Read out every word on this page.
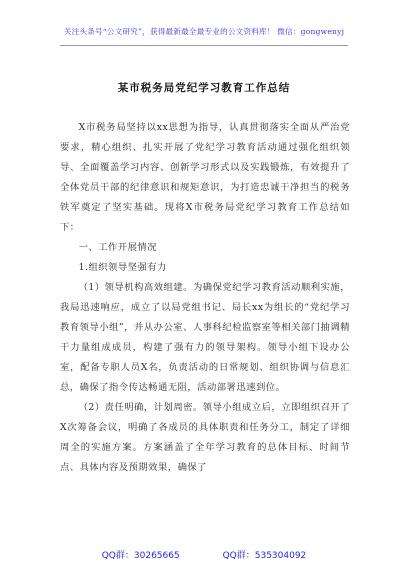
关注头条号“公文研究”，获得最新最全最专业的公文资料库！ 微信：gongwenyj
某市税务局党纪学习教育工作总结

X市税务局坚持以xx思想为指导，认真贯彻落实全面从严治党要求，精心组织、扎实开展了党纪学习教育活动通过强化组织领导、全面覆盖学习内容、创新学习形式以及实践锻炼，有效提升了全体党员干部的纪律意识和规矩意识，为打造忠诚干净担当的税务铁军奠定了坚实基础。现将X市税务局党纪学习教育工作总结如下：

一、工作开展情况

1.组织领导坚强有力

（1）领导机构高效组建。为确保党纪学习教育活动顺利实施，我局迅速响应，成立了以局党组书记、局长xx为组长的“党纪学习教育领导小组”，并从办公室、人事科纪检监察室等相关部门抽调精干力量组成成员，构建了强有力的领导架构。领导小组下设办公室，配备专职人员X名，负责活动的日常规划、组织协调与信息汇总，确保了指令传达畅通无阻，活动部署迅速到位。

（2）责任明确，计划周密。领导小组成立后，立即组织召开了X次筹备会议，明确了各成员的具体职责和任务分工，制定了详细周全的实施方案。方案涵盖了全年学习教育的总体目标、时间节点、具体内容及预期效果，确保了

QQ群：30265665	QQ群：535304092
